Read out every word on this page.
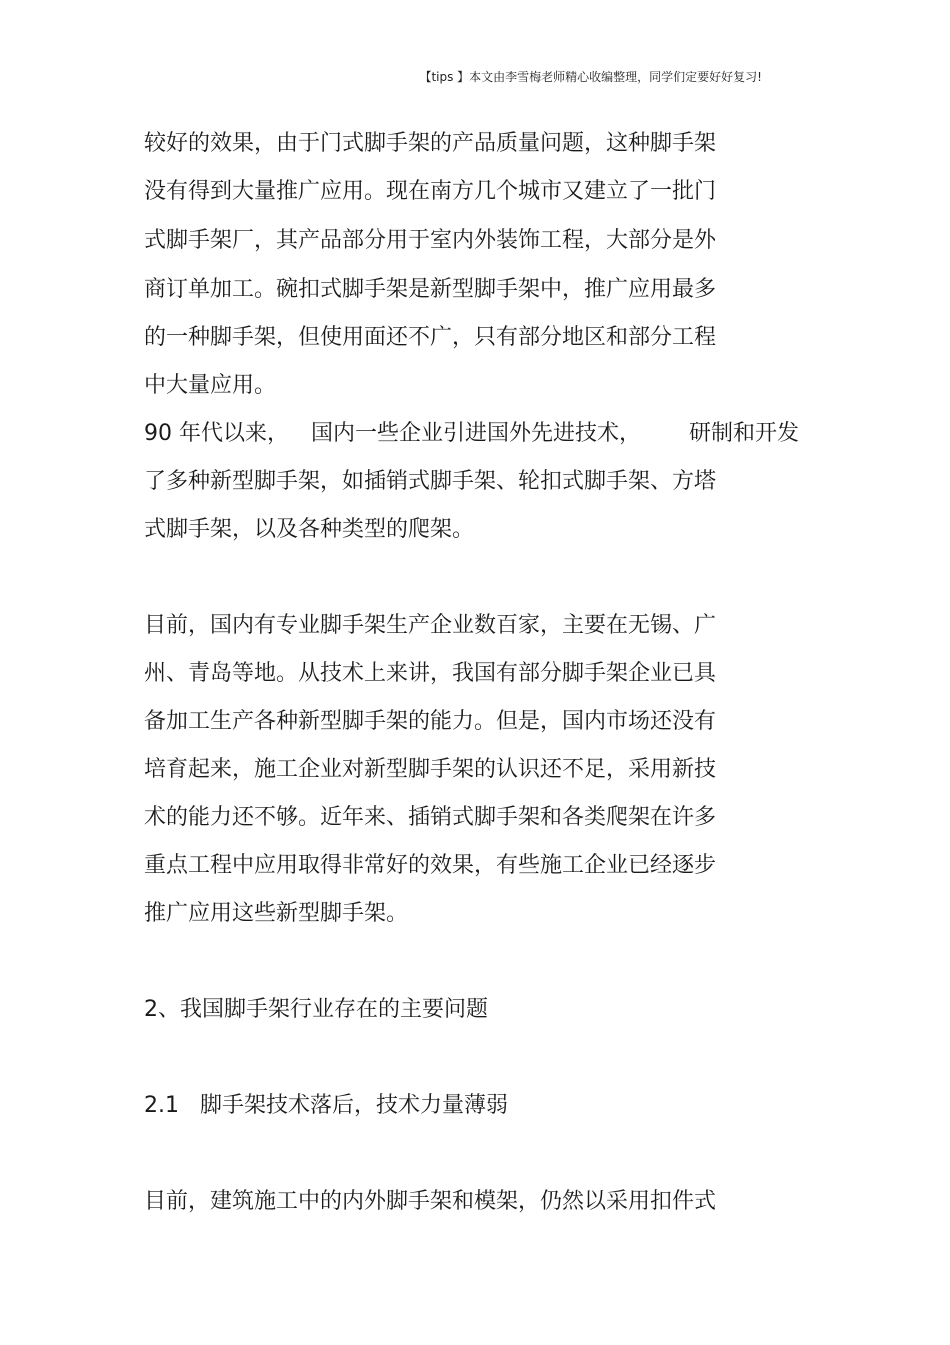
【tips 】本文由李雪梅老师精心收编整理，同学们定要好好复习!
较好的效果，由于门式脚手架的产品质量问题，这种脚手架
没有得到大量推广应用。现在南方几个城市又建立了一批门
式脚手架厂，其产品部分用于室内外装饰工程，大部分是外
商订单加工。碗扣式脚手架是新型脚手架中，推广应用最多
的一种脚手架，但使用面还不广，只有部分地区和部分工程
中大量应用。
90 年代以来， 国内一些企业引进国外先进技术， 研制和开发
了多种新型脚手架，如插销式脚手架、轮扣式脚手架、方塔
式脚手架，以及各种类型的爬架。
目前，国内有专业脚手架生产企业数百家，主要在无锡、广
州、青岛等地。从技术上来讲，我国有部分脚手架企业已具
备加工生产各种新型脚手架的能力。但是，国内市场还没有
培育起来，施工企业对新型脚手架的认识还不足，采用新技
术的能力还不够。近年来、插销式脚手架和各类爬架在许多
重点工程中应用取得非常好的效果，有些施工企业已经逐步
推广应用这些新型脚手架。
2、我国脚手架行业存在的主要问题
2.1   脚手架技术落后，技术力量薄弱
目前，建筑施工中的内外脚手架和模架，仍然以采用扣件式
